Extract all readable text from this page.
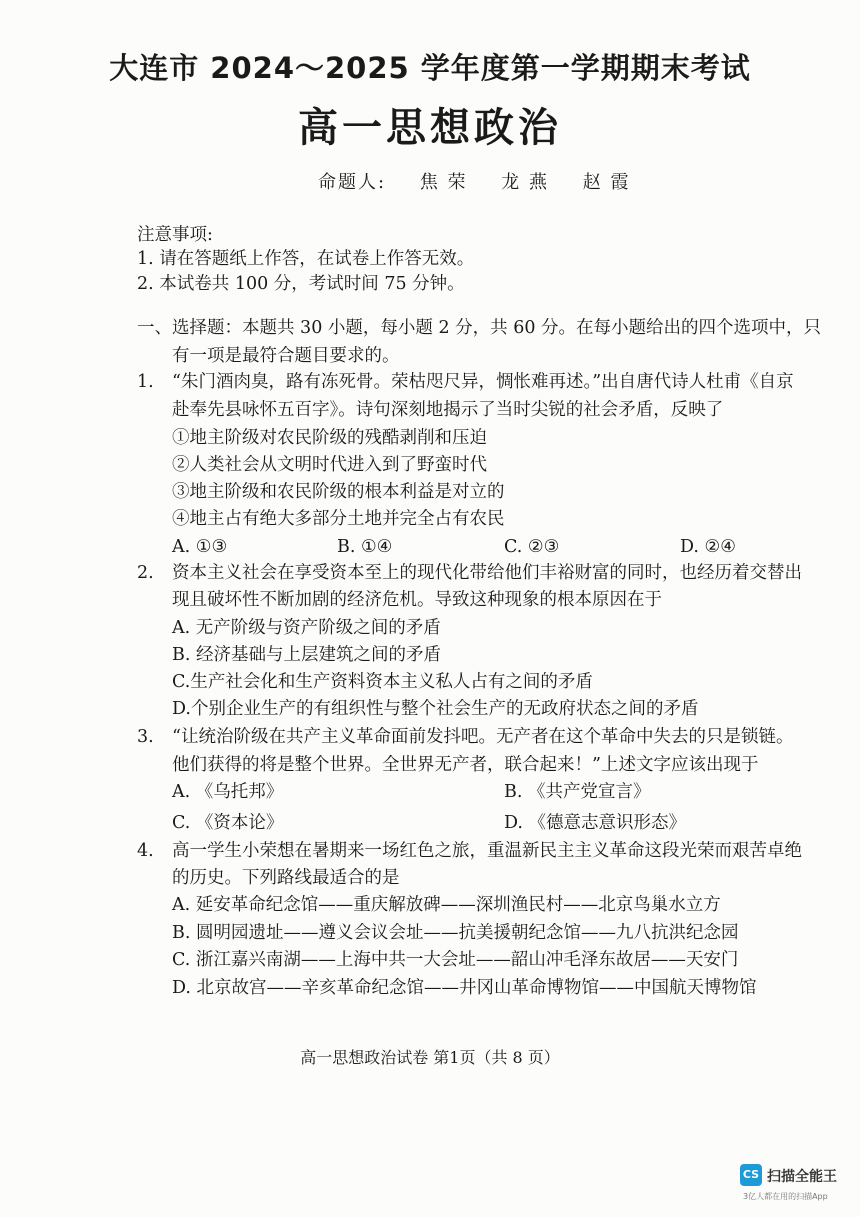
大连市 2024～2025 学年度第一学期期末考试
高一思想政治
命题人: 焦 荣 龙 燕 赵 霞
注意事项:
1. 请在答题纸上作答，在试卷上作答无效。
2. 本试卷共 100 分，考试时间 75 分钟。
一、选择题：本题共 30 小题，每小题 2 分，共 60 分。在每小题给出的四个选项中，只
有一项是最符合题目要求的。
1. “朱门酒肉臭，路有冻死骨。荣枯咫尺异，惆怅难再述。”出自唐代诗人杜甫《自京
赴奉先县咏怀五百字》。诗句深刻地揭示了当时尖锐的社会矛盾，反映了
①地主阶级对农民阶级的残酷剥削和压迫
②人类社会从文明时代进入到了野蛮时代
③地主阶级和农民阶级的根本利益是对立的
④地主占有绝大多部分土地并完全占有农民
A. ①③	B. ①④	C. ②③	D. ②④
2. 资本主义社会在享受资本至上的现代化带给他们丰裕财富的同时，也经历着交替出
现且破坏性不断加剧的经济危机。导致这种现象的根本原因在于
A. 无产阶级与资产阶级之间的矛盾
B. 经济基础与上层建筑之间的矛盾
C.生产社会化和生产资料资本主义私人占有之间的矛盾
D.个别企业生产的有组织性与整个社会生产的无政府状态之间的矛盾
3. “让统治阶级在共产主义革命面前发抖吧。无产者在这个革命中失去的只是锁链。
他们获得的将是整个世界。全世界无产者，联合起来！”上述文字应该出现于
A. 《乌托邦》	B. 《共产党宣言》
C. 《资本论》	D. 《德意志意识形态》
4. 高一学生小荣想在暑期来一场红色之旅，重温新民主主义革命这段光荣而艰苦卓绝
的历史。下列路线最适合的是
A. 延安革命纪念馆——重庆解放碑——深圳渔民村——北京鸟巢水立方
B. 圆明园遗址——遵义会议会址——抗美援朝纪念馆——九八抗洪纪念园
C. 浙江嘉兴南湖——上海中共一大会址——韶山冲毛泽东故居——天安门
D. 北京故宫——辛亥革命纪念馆——井冈山革命博物馆——中国航天博物馆
高一思想政治试卷 第1页（共 8 页）
CS 扫描全能王
3亿人都在用的扫描App
